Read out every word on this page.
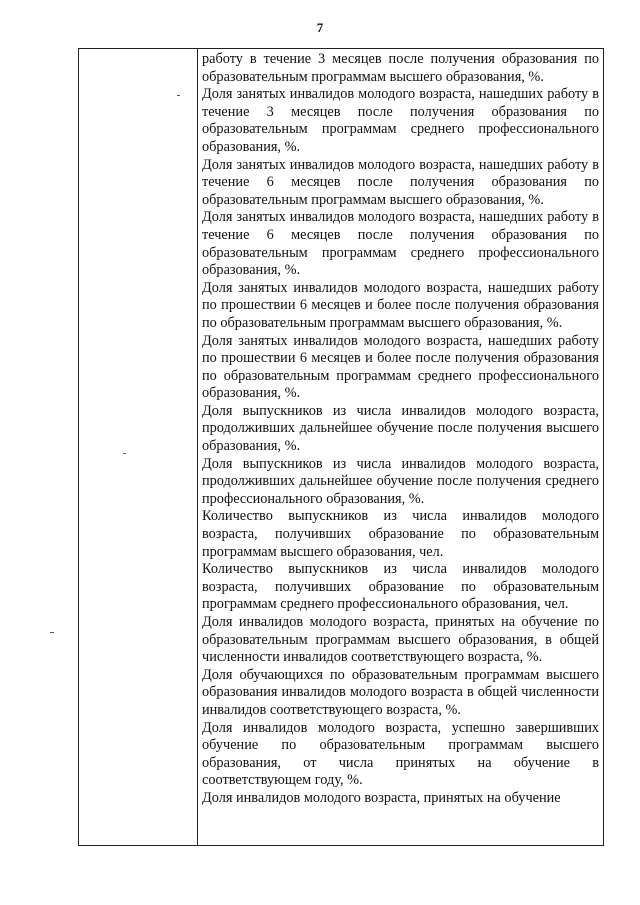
7

работу в течение 3 месяцев после получения образования по образовательным программам высшего образования, %.

Доля занятых инвалидов молодого возраста, нашедших работу в течение 3 месяцев после получения образования по образовательным программам среднего профессионального образования, %.

Доля занятых инвалидов молодого возраста, нашедших работу в течение 6 месяцев после получения образования по образовательным программам высшего образования, %.

Доля занятых инвалидов молодого возраста, нашедших работу в течение 6 месяцев после получения образования по образовательным программам среднего профессионального образования, %.

Доля занятых инвалидов молодого возраста, нашедших работу по прошествии 6 месяцев и более после получения образования по образовательным программам высшего образования, %.

Доля занятых инвалидов молодого возраста, нашедших работу по прошествии 6 месяцев и более после получения образования по образовательным программам среднего профессионального образования, %.

Доля выпускников из числа инвалидов молодого возраста, продолживших дальнейшее обучение после получения высшего образования, %.

Доля выпускников из числа инвалидов молодого возраста, продолживших дальнейшее обучение после получения среднего профессионального образования, %.

Количество выпускников из числа инвалидов молодого возраста, получивших образование по образовательным программам высшего образования, чел.

Количество выпускников из числа инвалидов молодого возраста, получивших образование по образовательным программам среднего профессионального образования, чел.

Доля инвалидов молодого возраста, принятых на обучение по образовательным программам высшего образования, в общей численности инвалидов соответствующего возраста, %.

Доля обучающихся по образовательным программам высшего образования инвалидов молодого возраста в общей численности инвалидов соответствующего возраста, %.

Доля инвалидов молодого возраста, успешно завершивших обучение по образовательным программам высшего образования, от числа принятых на обучение в соответствующем году, %.

Доля инвалидов молодого возраста, принятых на обучение
